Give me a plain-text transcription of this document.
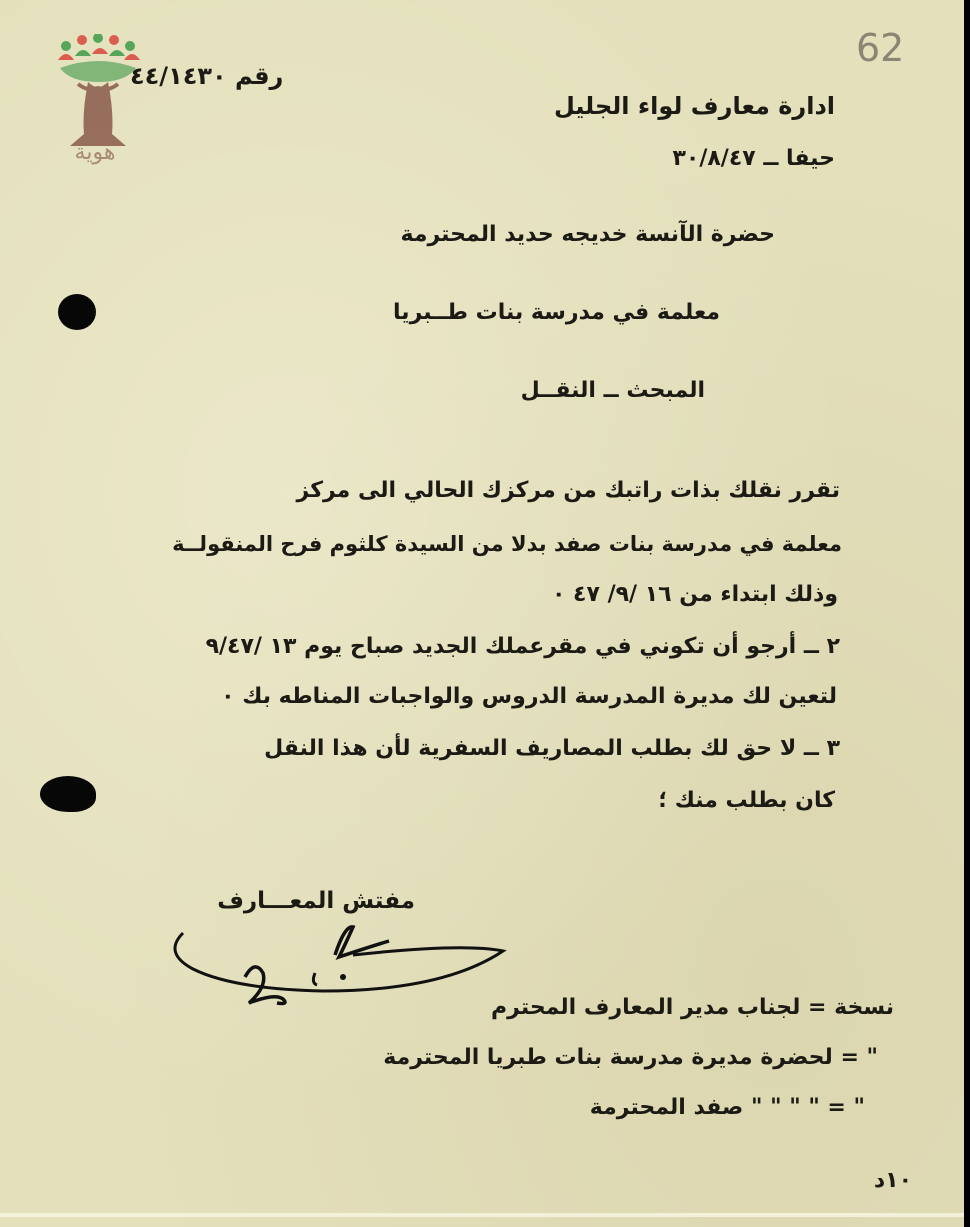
62
هوية
رقم ٤٤/١٤٣٠
ادارة معارف لواء الجليل
حيفا ــ ٣٠/٨/٤٧
حضرة الآنسة خديجه حديد المحترمة
معلمة في مدرسة بنات طــبريا
المبحث ــ النقــل
تقرر نقلك بذات راتبك من مركزك الحالي الى مركز
معلمة في مدرسة بنات صفد بدلا من السيدة كلثوم فرح المنقولــة
وذلك ابتداء من ١٦ /٩/ ٤٧ ٠
٢ ــ أرجو أن تكوني في مقرعملك الجديد صباح يوم ١٣ /٩/٤٧
لتعين لك مديرة المدرسة الدروس والواجبات المناطه بك ٠
٣ ــ لا حق لك بطلب المصاريف السفرية لأن هذا النقل
كان بطلب منك ؛
مفتش المعـــارف
نسخة = لجناب مدير المعارف المحترم
" = لحضرة مديرة مدرسة بنات طبريا المحترمة
" = " " " " صفد المحترمة
١٠د
